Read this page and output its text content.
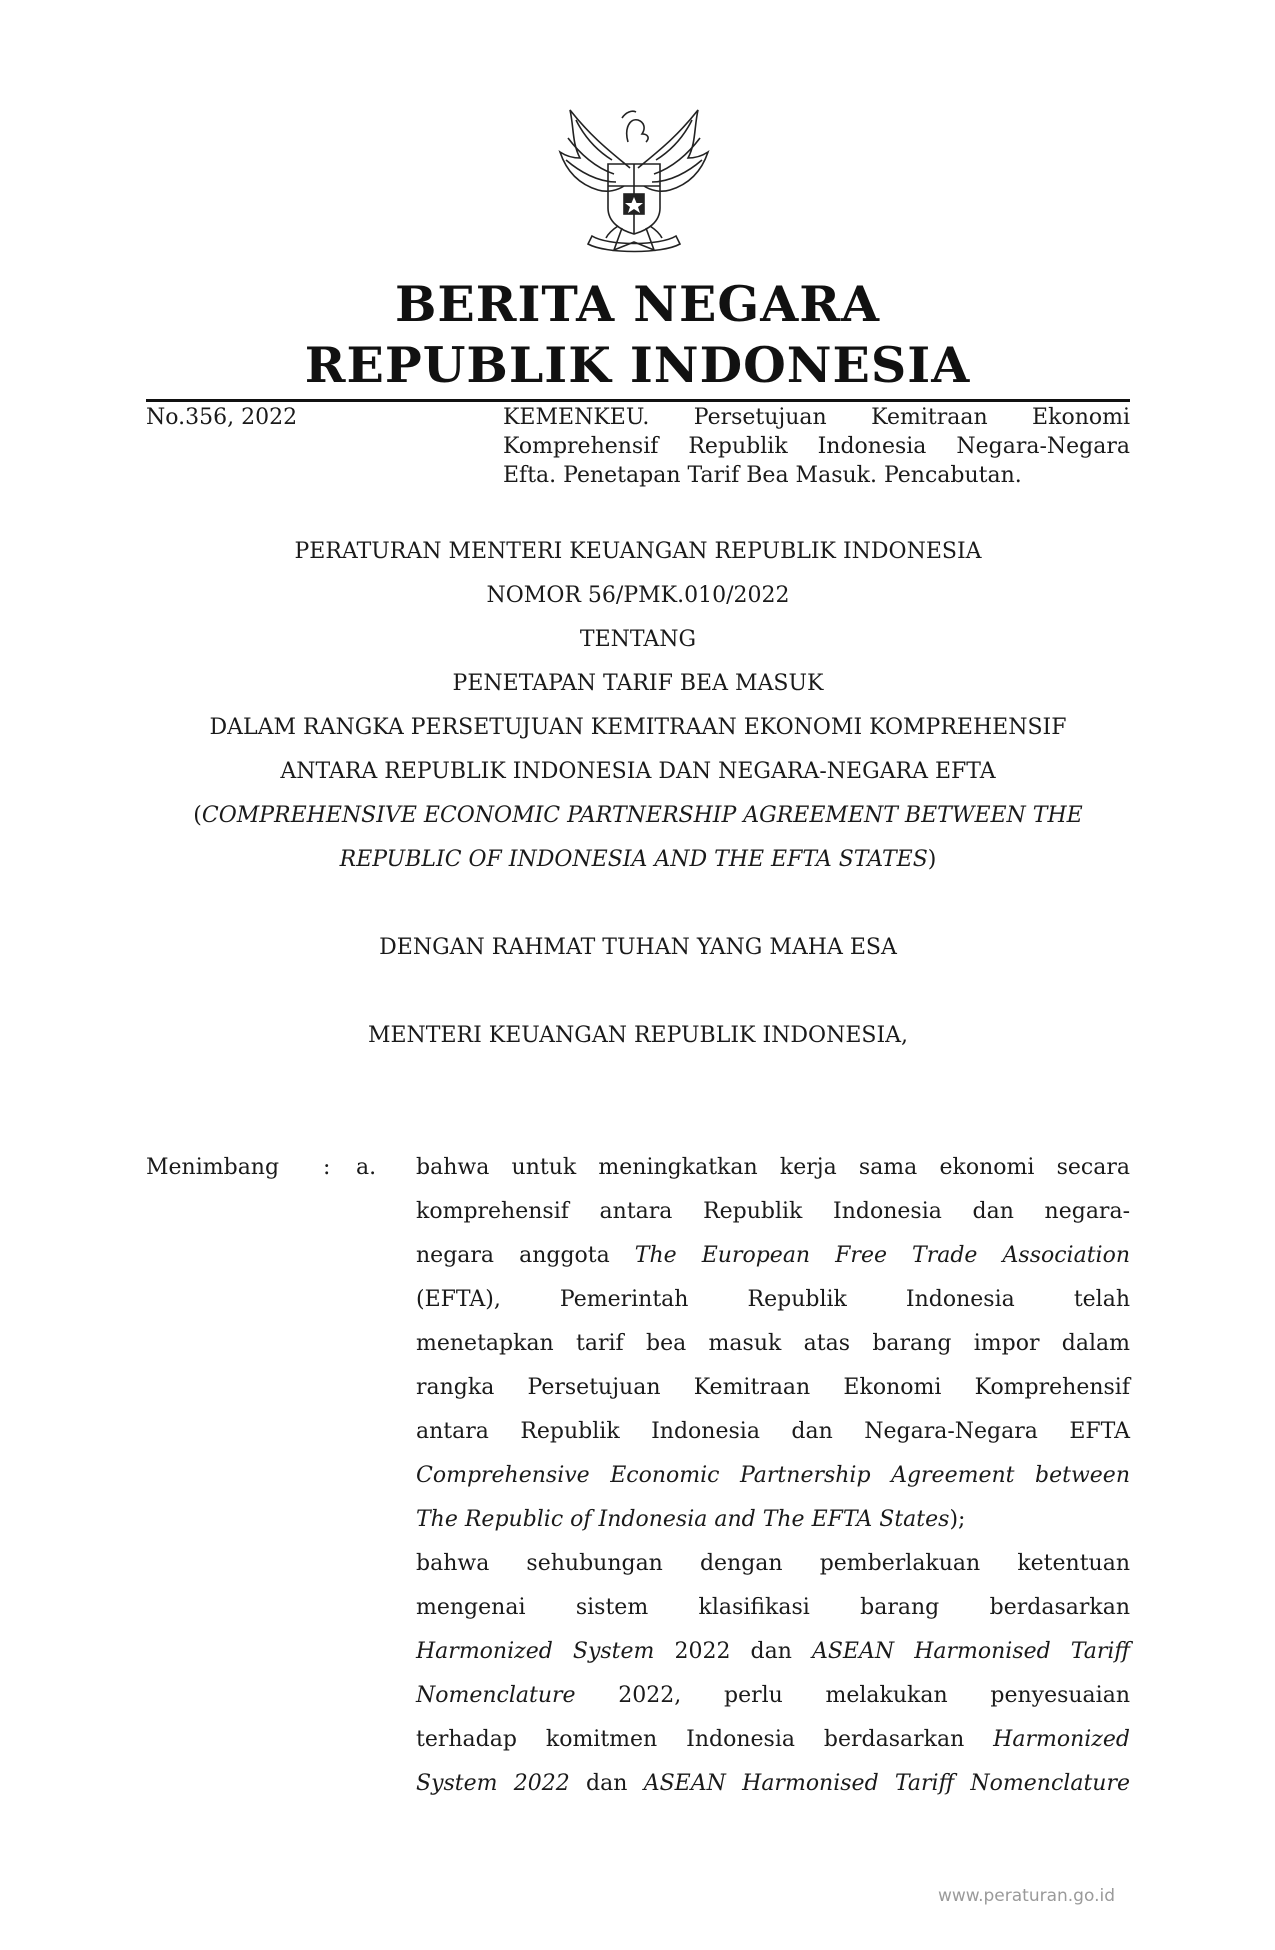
BERITA NEGARA
REPUBLIK INDONESIA
No.356, 2022	KEMENKEU. Persetujuan Kemitraan Ekonomi
Komprehensif Republik Indonesia Negara-Negara
Efta. Penetapan Tarif Bea Masuk. Pencabutan.
PERATURAN MENTERI KEUANGAN REPUBLIK INDONESIA
NOMOR 56/PMK.010/2022
TENTANG
PENETAPAN TARIF BEA MASUK
DALAM RANGKA PERSETUJUAN KEMITRAAN EKONOMI KOMPREHENSIF
ANTARA REPUBLIK INDONESIA DAN NEGARA-NEGARA EFTA
(COMPREHENSIVE ECONOMIC PARTNERSHIP AGREEMENT BETWEEN THE
REPUBLIC OF INDONESIA AND THE EFTA STATES)
DENGAN RAHMAT TUHAN YANG MAHA ESA
MENTERI KEUANGAN REPUBLIK INDONESIA,
Menimbang : a. bahwa untuk meningkatkan kerja sama ekonomi secara
komprehensif antara Republik Indonesia dan negara-
negara anggota The European Free Trade Association
(EFTA), Pemerintah Republik Indonesia telah
menetapkan tarif bea masuk atas barang impor dalam
rangka Persetujuan Kemitraan Ekonomi Komprehensif
antara Republik Indonesia dan Negara-Negara EFTA
Comprehensive Economic Partnership Agreement between
The Republic of Indonesia and The EFTA States);
bahwa sehubungan dengan pemberlakuan ketentuan
mengenai sistem klasifikasi barang berdasarkan
Harmonized System 2022 dan ASEAN Harmonised Tariff
Nomenclature 2022, perlu melakukan penyesuaian
terhadap komitmen Indonesia berdasarkan Harmonized
System 2022 dan ASEAN Harmonised Tariff Nomenclature
www.peraturan.go.id
